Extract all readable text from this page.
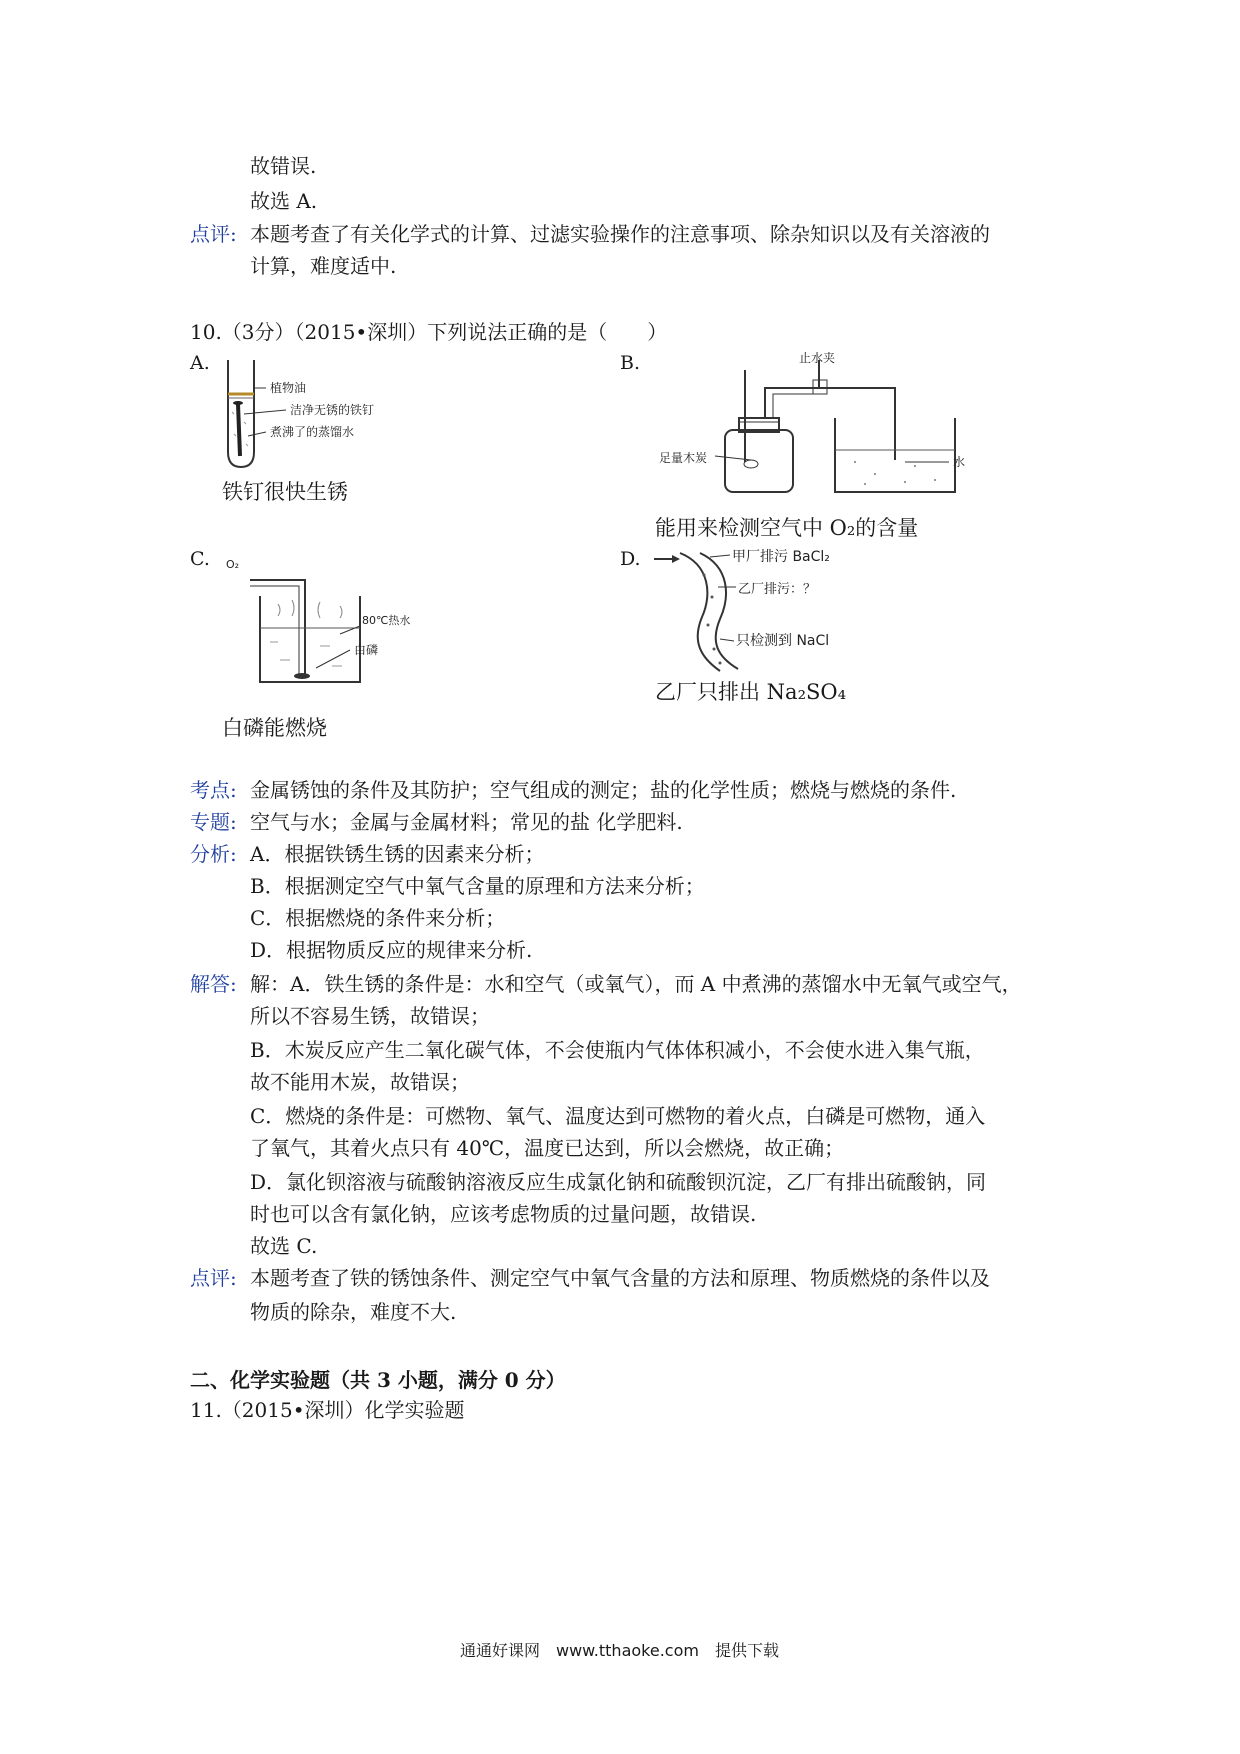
故错误.
故选 A.
点评: 本题考查了有关化学式的计算、过滤实验操作的注意事项、除杂知识以及有关溶液的
计算，难度适中.
10.（3分）（2015•深圳）下列说法正确的是（　　）
A.
植物油
洁净无锈的铁钉
煮沸了的蒸馏水
铁钉很快生锈
B.	止水夹
足量木炭	水
能用来检测空气中 O₂的含量
C. O₂
80℃热水
白磷
白磷能燃烧
D.	甲厂排污 BaCl₂
乙厂排污：？
只检测到 NaCl
乙厂只排出 Na₂SO₄
考点: 金属锈蚀的条件及其防护；空气组成的测定；盐的化学性质；燃烧与燃烧的条件.
专题: 空气与水；金属与金属材料；常见的盐 化学肥料.
分析: A．根据铁锈生锈的因素来分析；
B．根据测定空气中氧气含量的原理和方法来分析；
C．根据燃烧的条件来分析；
D．根据物质反应的规律来分析.
解答: 解：A．铁生锈的条件是：水和空气（或氧气），而 A 中煮沸的蒸馏水中无氧气或空气，
所以不容易生锈，故错误；
B．木炭反应产生二氧化碳气体，不会使瓶内气体体积减小，不会使水进入集气瓶，
故不能用木炭，故错误；
C．燃烧的条件是：可燃物、氧气、温度达到可燃物的着火点，白磷是可燃物，通入
了氧气，其着火点只有 40℃，温度已达到，所以会燃烧，故正确；
D．氯化钡溶液与硫酸钠溶液反应生成氯化钠和硫酸钡沉淀，乙厂有排出硫酸钠，同
时也可以含有氯化钠，应该考虑物质的过量问题，故错误.
故选 C.
点评: 本题考查了铁的锈蚀条件、测定空气中氧气含量的方法和原理、物质燃烧的条件以及
物质的除杂，难度不大.
二、化学实验题（共 3 小题，满分 0 分）
11.（2015•深圳）化学实验题
通通好课网　www.tthaoke.com　提供下载
